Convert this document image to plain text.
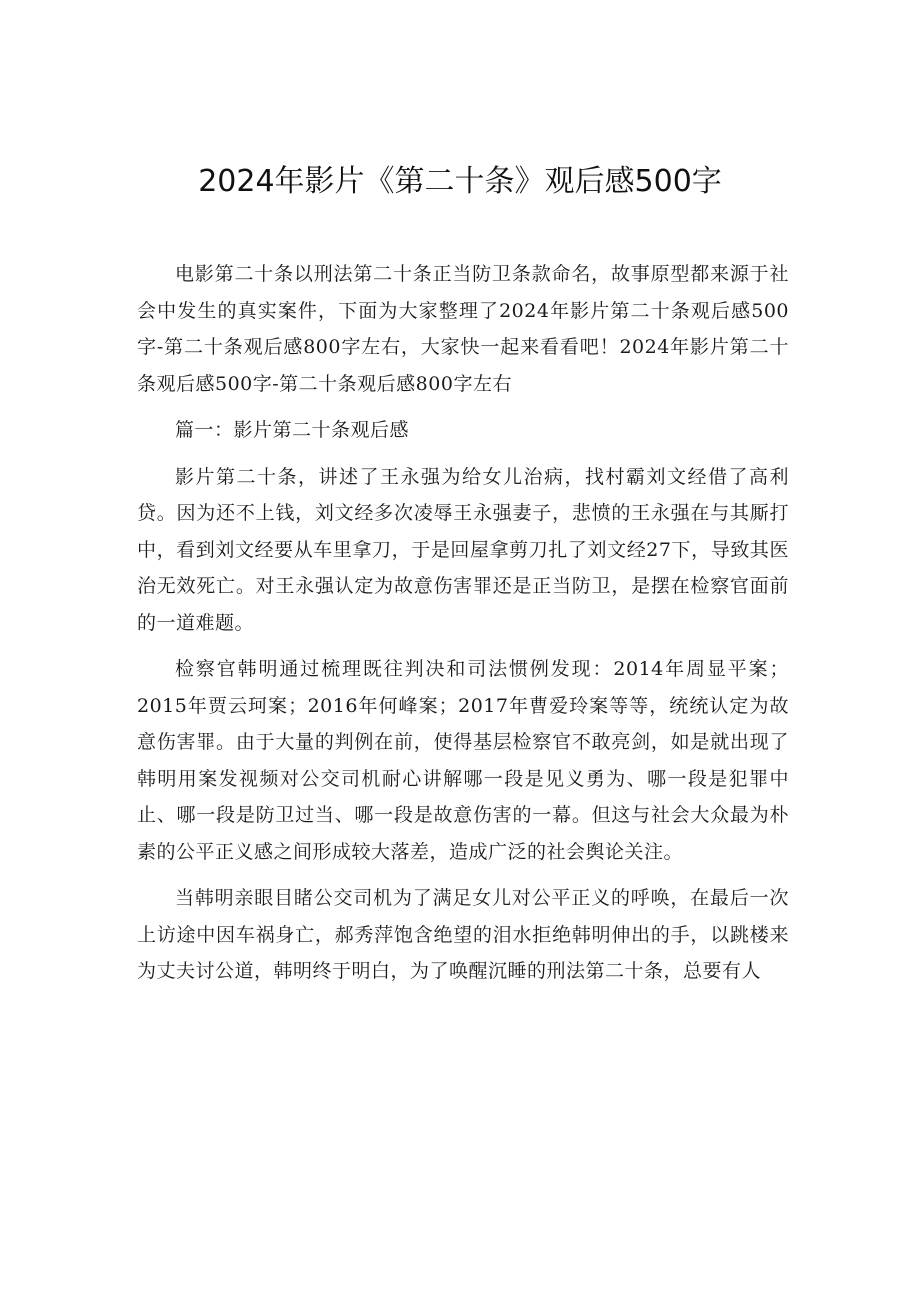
2024年影片《第二十条》观后感500字

电影第二十条以刑法第二十条正当防卫条款命名，故事原型都来源于社会中发生的真实案件，下面为大家整理了2024年影片第二十条观后感500字-第二十条观后感800字左右，大家快一起来看看吧！2024年影片第二十条观后感500字-第二十条观后感800字左右

篇一：影片第二十条观后感

影片第二十条，讲述了王永强为给女儿治病，找村霸刘文经借了高利贷。因为还不上钱，刘文经多次凌辱王永强妻子，悲愤的王永强在与其厮打中，看到刘文经要从车里拿刀，于是回屋拿剪刀扎了刘文经27下，导致其医治无效死亡。对王永强认定为故意伤害罪还是正当防卫，是摆在检察官面前的一道难题。

检察官韩明通过梳理既往判决和司法惯例发现：2014年周显平案；2015年贾云珂案；2016年何峰案；2017年曹爱玲案等等，统统认定为故意伤害罪。由于大量的判例在前，使得基层检察官不敢亮剑，如是就出现了韩明用案发视频对公交司机耐心讲解哪一段是见义勇为、哪一段是犯罪中止、哪一段是防卫过当、哪一段是故意伤害的一幕。但这与社会大众最为朴素的公平正义感之间形成较大落差，造成广泛的社会舆论关注。

当韩明亲眼目睹公交司机为了满足女儿对公平正义的呼唤，在最后一次上访途中因车祸身亡，郝秀萍饱含绝望的泪水拒绝韩明伸出的手，以跳楼来为丈夫讨公道，韩明终于明白，为了唤醒沉睡的刑法第二十条，总要有人
